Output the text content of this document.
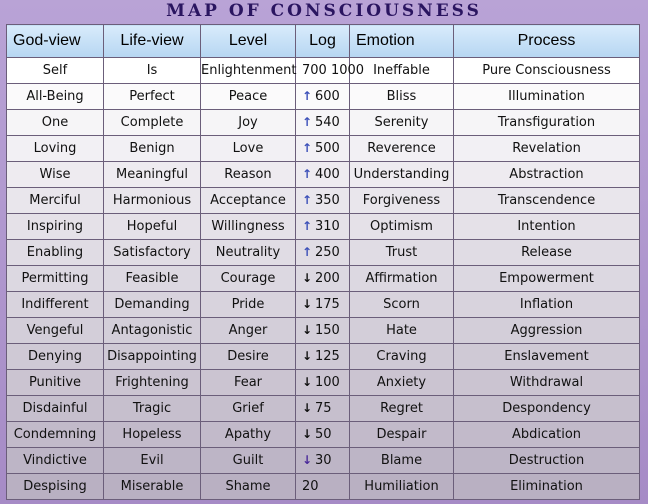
MAP OF CONSCIOUSNESS
God-view	Life-view	Level	Log	Emotion	Process
Self	Is	Enlightenment	700 1000	Ineffable	Pure Consciousness
All-Being	Perfect	Peace	↑ 600	Bliss	Illumination
One	Complete	Joy	↑ 540	Serenity	Transfiguration
Loving	Benign	Love	↑ 500	Reverence	Revelation
Wise	Meaningful	Reason	↑ 400	Understanding	Abstraction
Merciful	Harmonious	Acceptance	↑ 350	Forgiveness	Transcendence
Inspiring	Hopeful	Willingness	↑ 310	Optimism	Intention
Enabling	Satisfactory	Neutrality	↑ 250	Trust	Release
Permitting	Feasible	Courage	↓ 200	Affirmation	Empowerment
Indifferent	Demanding	Pride	↓ 175	Scorn	Inflation
Vengeful	Antagonistic	Anger	↓ 150	Hate	Aggression
Denying	Disappointing	Desire	↓ 125	Craving	Enslavement
Punitive	Frightening	Fear	↓ 100	Anxiety	Withdrawal
Disdainful	Tragic	Grief	↓ 75	Regret	Despondency
Condemning	Hopeless	Apathy	↓ 50	Despair	Abdication
Vindictive	Evil	Guilt	↓ 30	Blame	Destruction
Despising	Miserable	Shame	20	Humiliation	Elimination
